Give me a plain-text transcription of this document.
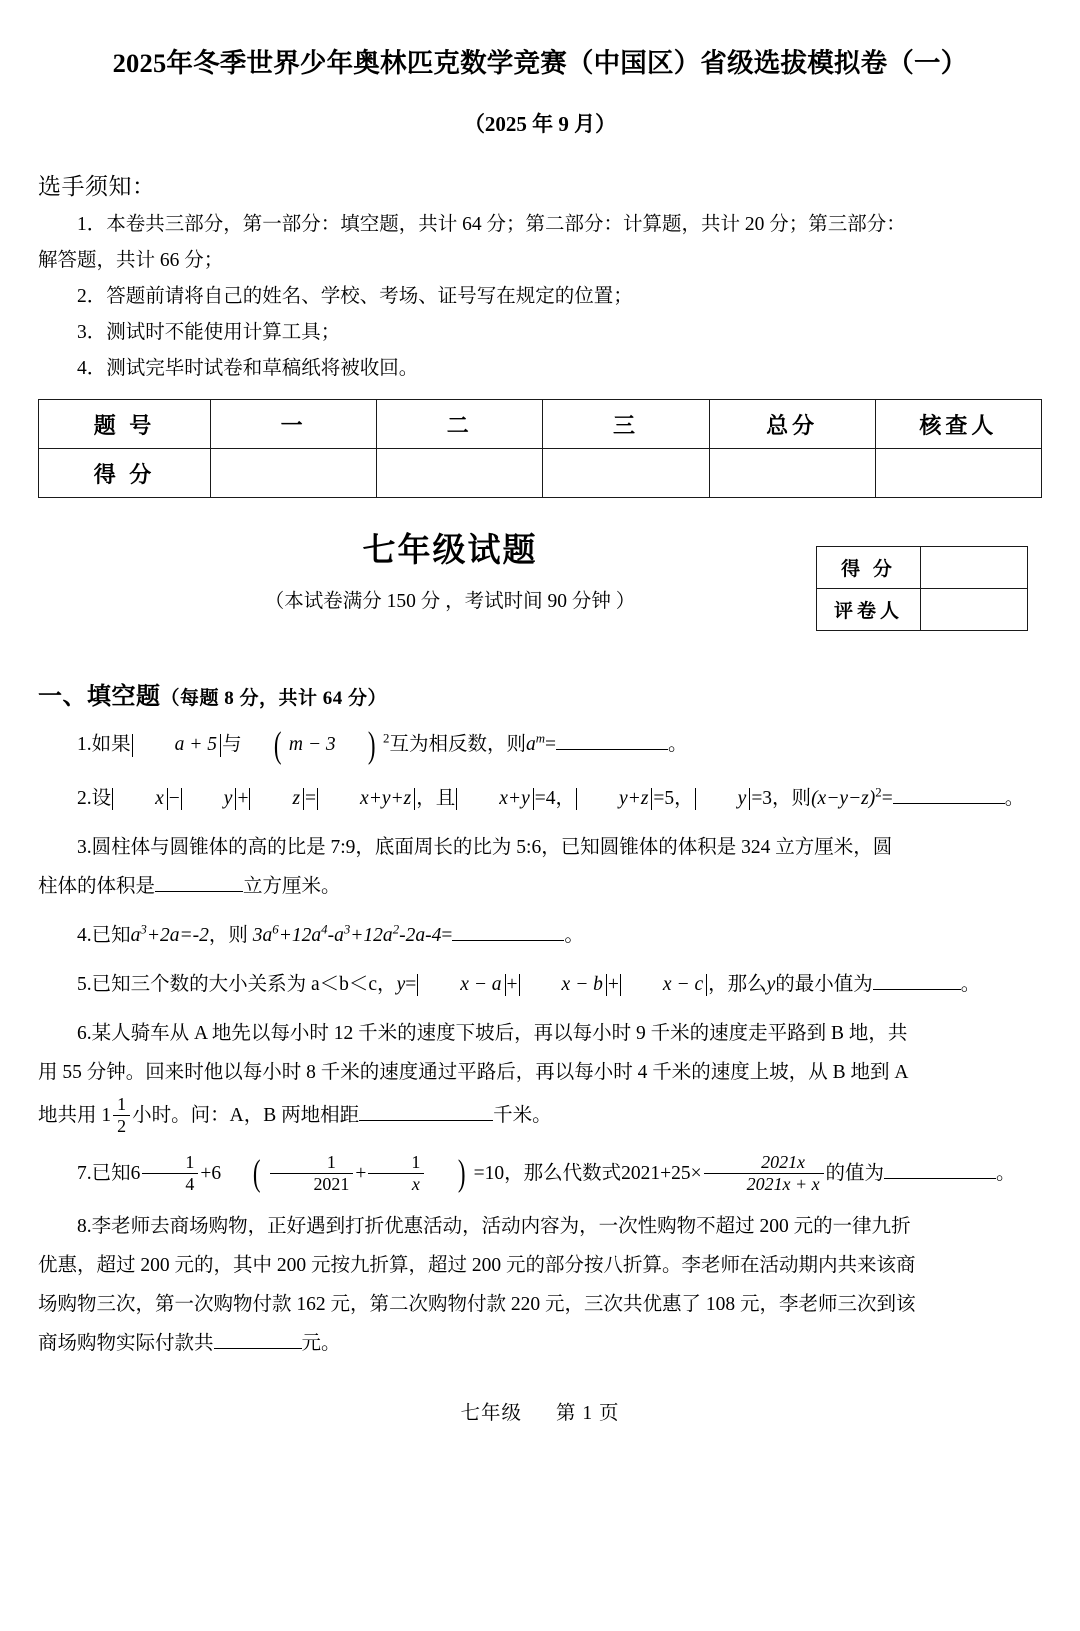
2025年冬季世界少年奥林匹克数学竞赛（中国区）省级选拔模拟卷（一）
（2025 年 9 月）
选手须知：
1．本卷共三部分，第一部分：填空题，共计 64 分；第二部分：计算题，共计 20 分；第三部分：
解答题，共计 66 分；
2．答题前请将自己的姓名、学校、考场、证号写在规定的位置；
3．测试时不能使用计算工具；
4．测试完毕时试卷和草稿纸将被收回。
题 号	一	二	三	总分	核查人
得 分					
七年级试题
（本试卷满分 150 分 ，考试时间 90 分钟 ）
得 分	
评卷人	
一、填空题（每题 8 分，共计 64 分）
1.如果 a + 5 与 ( m − 3 ) $^2$互为相反数，则$a^m=$	。
2.设 x − y + z = x+y+z ，且 x+y =4， y+z =5， y =3，则$(x-y-z)^2=$	。
3.圆柱体与圆锥体的高的比是 7:9，底面周长的比为 5:6，已知圆锥体的体积是 324 立方厘米，圆
柱体的体积是	立方厘米。
4.已知$a^3+2a=-2$，则 $3a^6+12a^4-a^3+12a^2-2a-4=$	。
5.已知三个数的大小关系为 a＜b＜c，y= x − a + x − b + x − c ，那么y的最小值为	。
6.某人骑车从 A 地先以每小时 12 千米的速度下坡后，再以每小时 9 千米的速度走平路到 B 地，共
用 55 分钟。回来时他以每小时 8 千米的速度通过平路后，再以每小时 4 千米的速度上坡，从 B 地到 A
地共用 $1 \frac{1}{2}$ 小时。问：A，B 两地相距	千米。
7.已知$6 \frac{1}{4} +6$ ( $\frac{1}{2021} + \frac{1}{x}$ ) =10，那么代数式$2021+25\times \frac{2021x}{2021x + x}$ 的值为	。
8.李老师去商场购物，正好遇到打折优惠活动，活动内容为，一次性购物不超过 200 元的一律九折
优惠，超过 200 元的，其中 200 元按九折算，超过 200 元的部分按八折算。李老师在活动期内共来该商
场购物三次，第一次购物付款 162 元，第二次购物付款 220 元，三次共优惠了 108 元，李老师三次到该
商场购物实际付款共	元。
七年级 第 1 页
